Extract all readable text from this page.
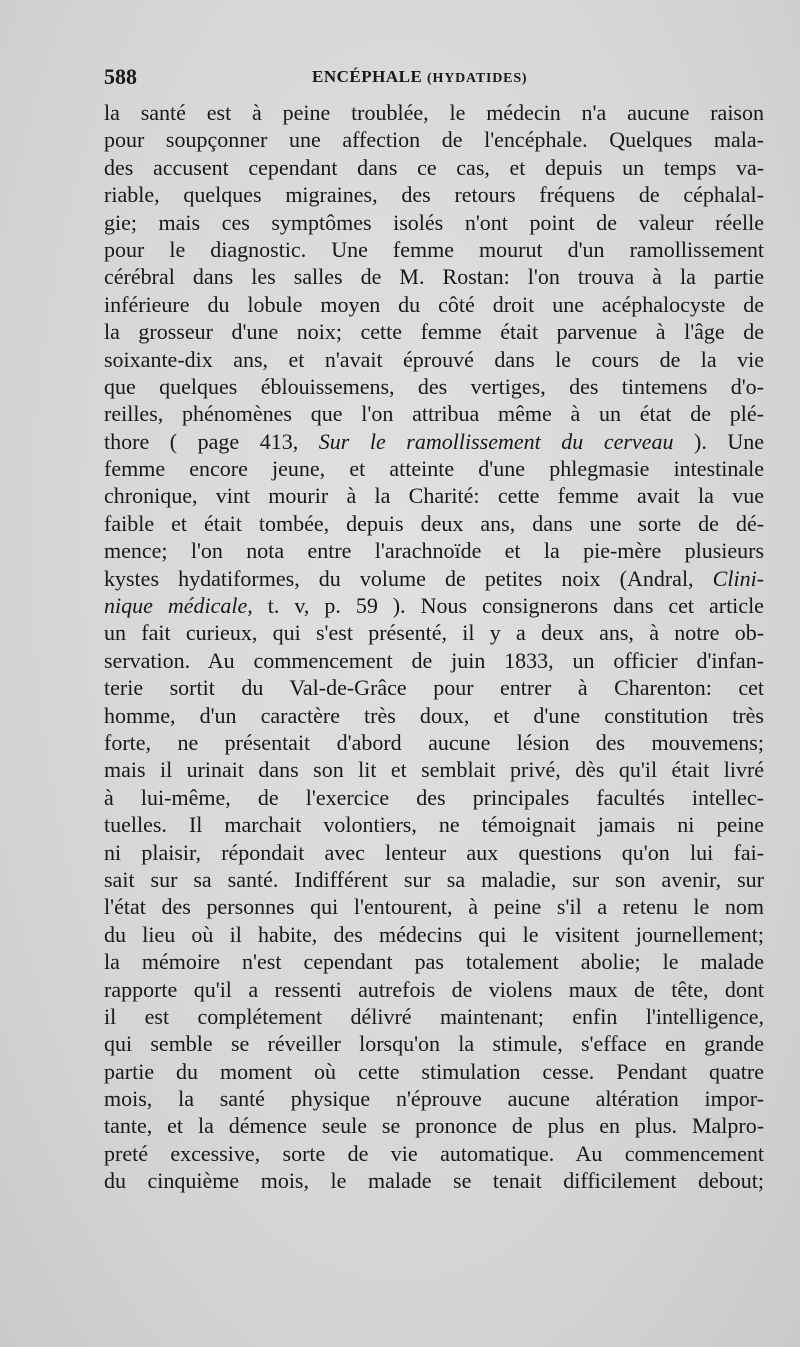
588	ENCÉPHALE (HYDATIDES)
la santé est à peine troublée, le médecin n'a aucune raison
pour soupçonner une affection de l'encéphale. Quelques mala-
des accusent cependant dans ce cas, et depuis un temps va-
riable, quelques migraines, des retours fréquens de céphalal-
gie; mais ces symptômes isolés n'ont point de valeur réelle
pour le diagnostic. Une femme mourut d'un ramollissement
cérébral dans les salles de M. Rostan: l'on trouva à la partie
inférieure du lobule moyen du côté droit une acéphalocyste de
la grosseur d'une noix; cette femme était parvenue à l'âge de
soixante-dix ans, et n'avait éprouvé dans le cours de la vie
que quelques éblouissemens, des vertiges, des tintemens d'o-
reilles, phénomènes que l'on attribua même à un état de plé-
thore ( page 413, Sur le ramollissement du cerveau ). Une
femme encore jeune, et atteinte d'une phlegmasie intestinale
chronique, vint mourir à la Charité: cette femme avait la vue
faible et était tombée, depuis deux ans, dans une sorte de dé-
mence; l'on nota entre l'arachnoïde et la pie-mère plusieurs
kystes hydatiformes, du volume de petites noix (Andral, Clini-
nique médicale, t. v, p. 59 ). Nous consignerons dans cet article
un fait curieux, qui s'est présenté, il y a deux ans, à notre ob-
servation. Au commencement de juin 1833, un officier d'infan-
terie sortit du Val-de-Grâce pour entrer à Charenton: cet
homme, d'un caractère très doux, et d'une constitution très
forte, ne présentait d'abord aucune lésion des mouvemens;
mais il urinait dans son lit et semblait privé, dès qu'il était livré
à lui-même, de l'exercice des principales facultés intellec-
tuelles. Il marchait volontiers, ne témoignait jamais ni peine
ni plaisir, répondait avec lenteur aux questions qu'on lui fai-
sait sur sa santé. Indifférent sur sa maladie, sur son avenir, sur
l'état des personnes qui l'entourent, à peine s'il a retenu le nom
du lieu où il habite, des médecins qui le visitent journellement;
la mémoire n'est cependant pas totalement abolie; le malade
rapporte qu'il a ressenti autrefois de violens maux de tête, dont
il est complétement délivré maintenant; enfin l'intelligence,
qui semble se réveiller lorsqu'on la stimule, s'efface en grande
partie du moment où cette stimulation cesse. Pendant quatre
mois, la santé physique n'éprouve aucune altération impor-
tante, et la démence seule se prononce de plus en plus. Malpro-
preté excessive, sorte de vie automatique. Au commencement
du cinquième mois, le malade se tenait difficilement debout;
